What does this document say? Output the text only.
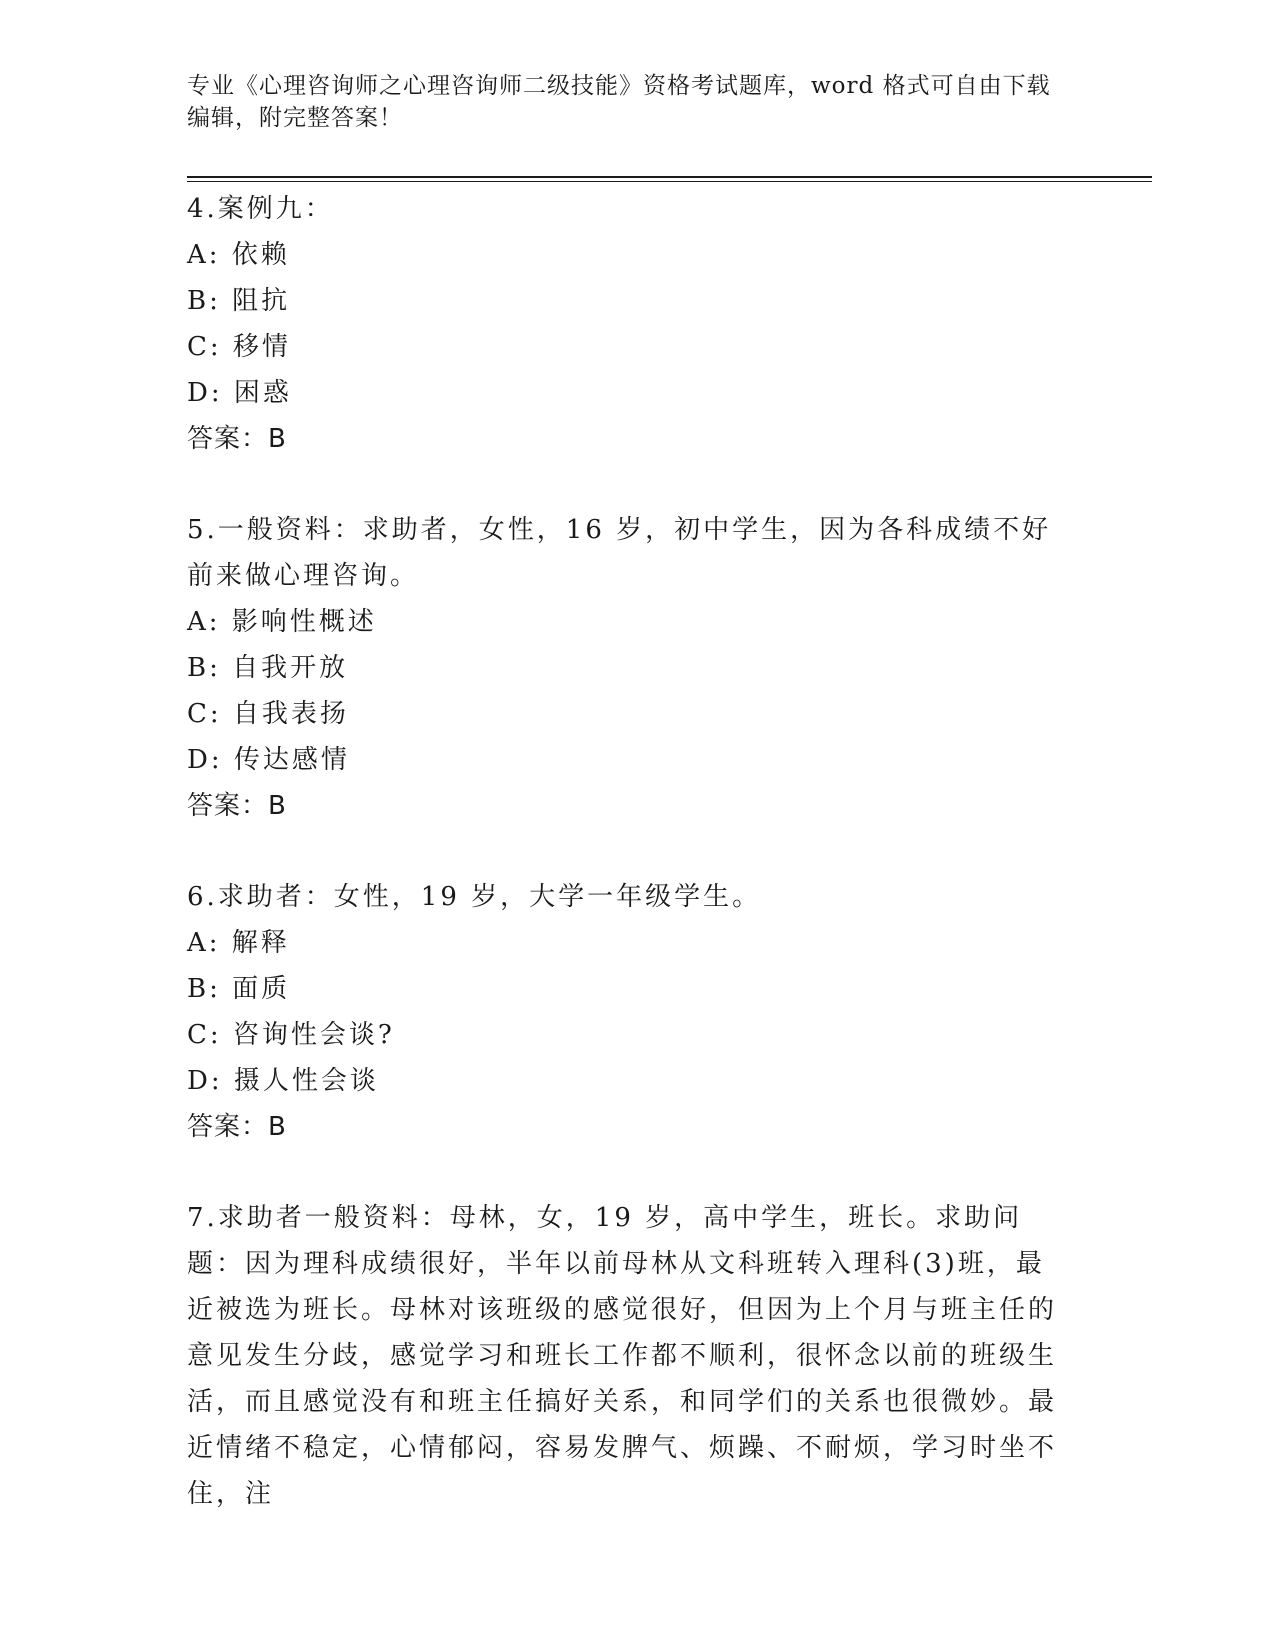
专业《心理咨询师之心理咨询师二级技能》资格考试题库，word 格式可自由下载编辑，附完整答案！

4.案例九：
A: 依赖
B: 阻抗
C: 移情
D: 困惑
答案：B
5.一般资料：求助者，女性，16 岁，初中学生，因为各科成绩不好前来做心理咨询。
A: 影响性概述
B: 自我开放
C: 自我表扬
D: 传达感情
答案：B
6.求助者：女性，19 岁，大学一年级学生。
A: 解释
B: 面质
C: 咨询性会谈?
D: 摄人性会谈
答案：B
7.求助者一般资料：母林，女，19 岁，高中学生，班长。求助问题：因为理科成绩很好，半年以前母林从文科班转入理科(3)班，最近被选为班长。母林对该班级的感觉很好，但因为上个月与班主任的意见发生分歧，感觉学习和班长工作都不顺利，很怀念以前的班级生活，而且感觉没有和班主任搞好关系，和同学们的关系也很微妙。最近情绪不稳定，心情郁闷，容易发脾气、烦躁、不耐烦，学习时坐不住，注
